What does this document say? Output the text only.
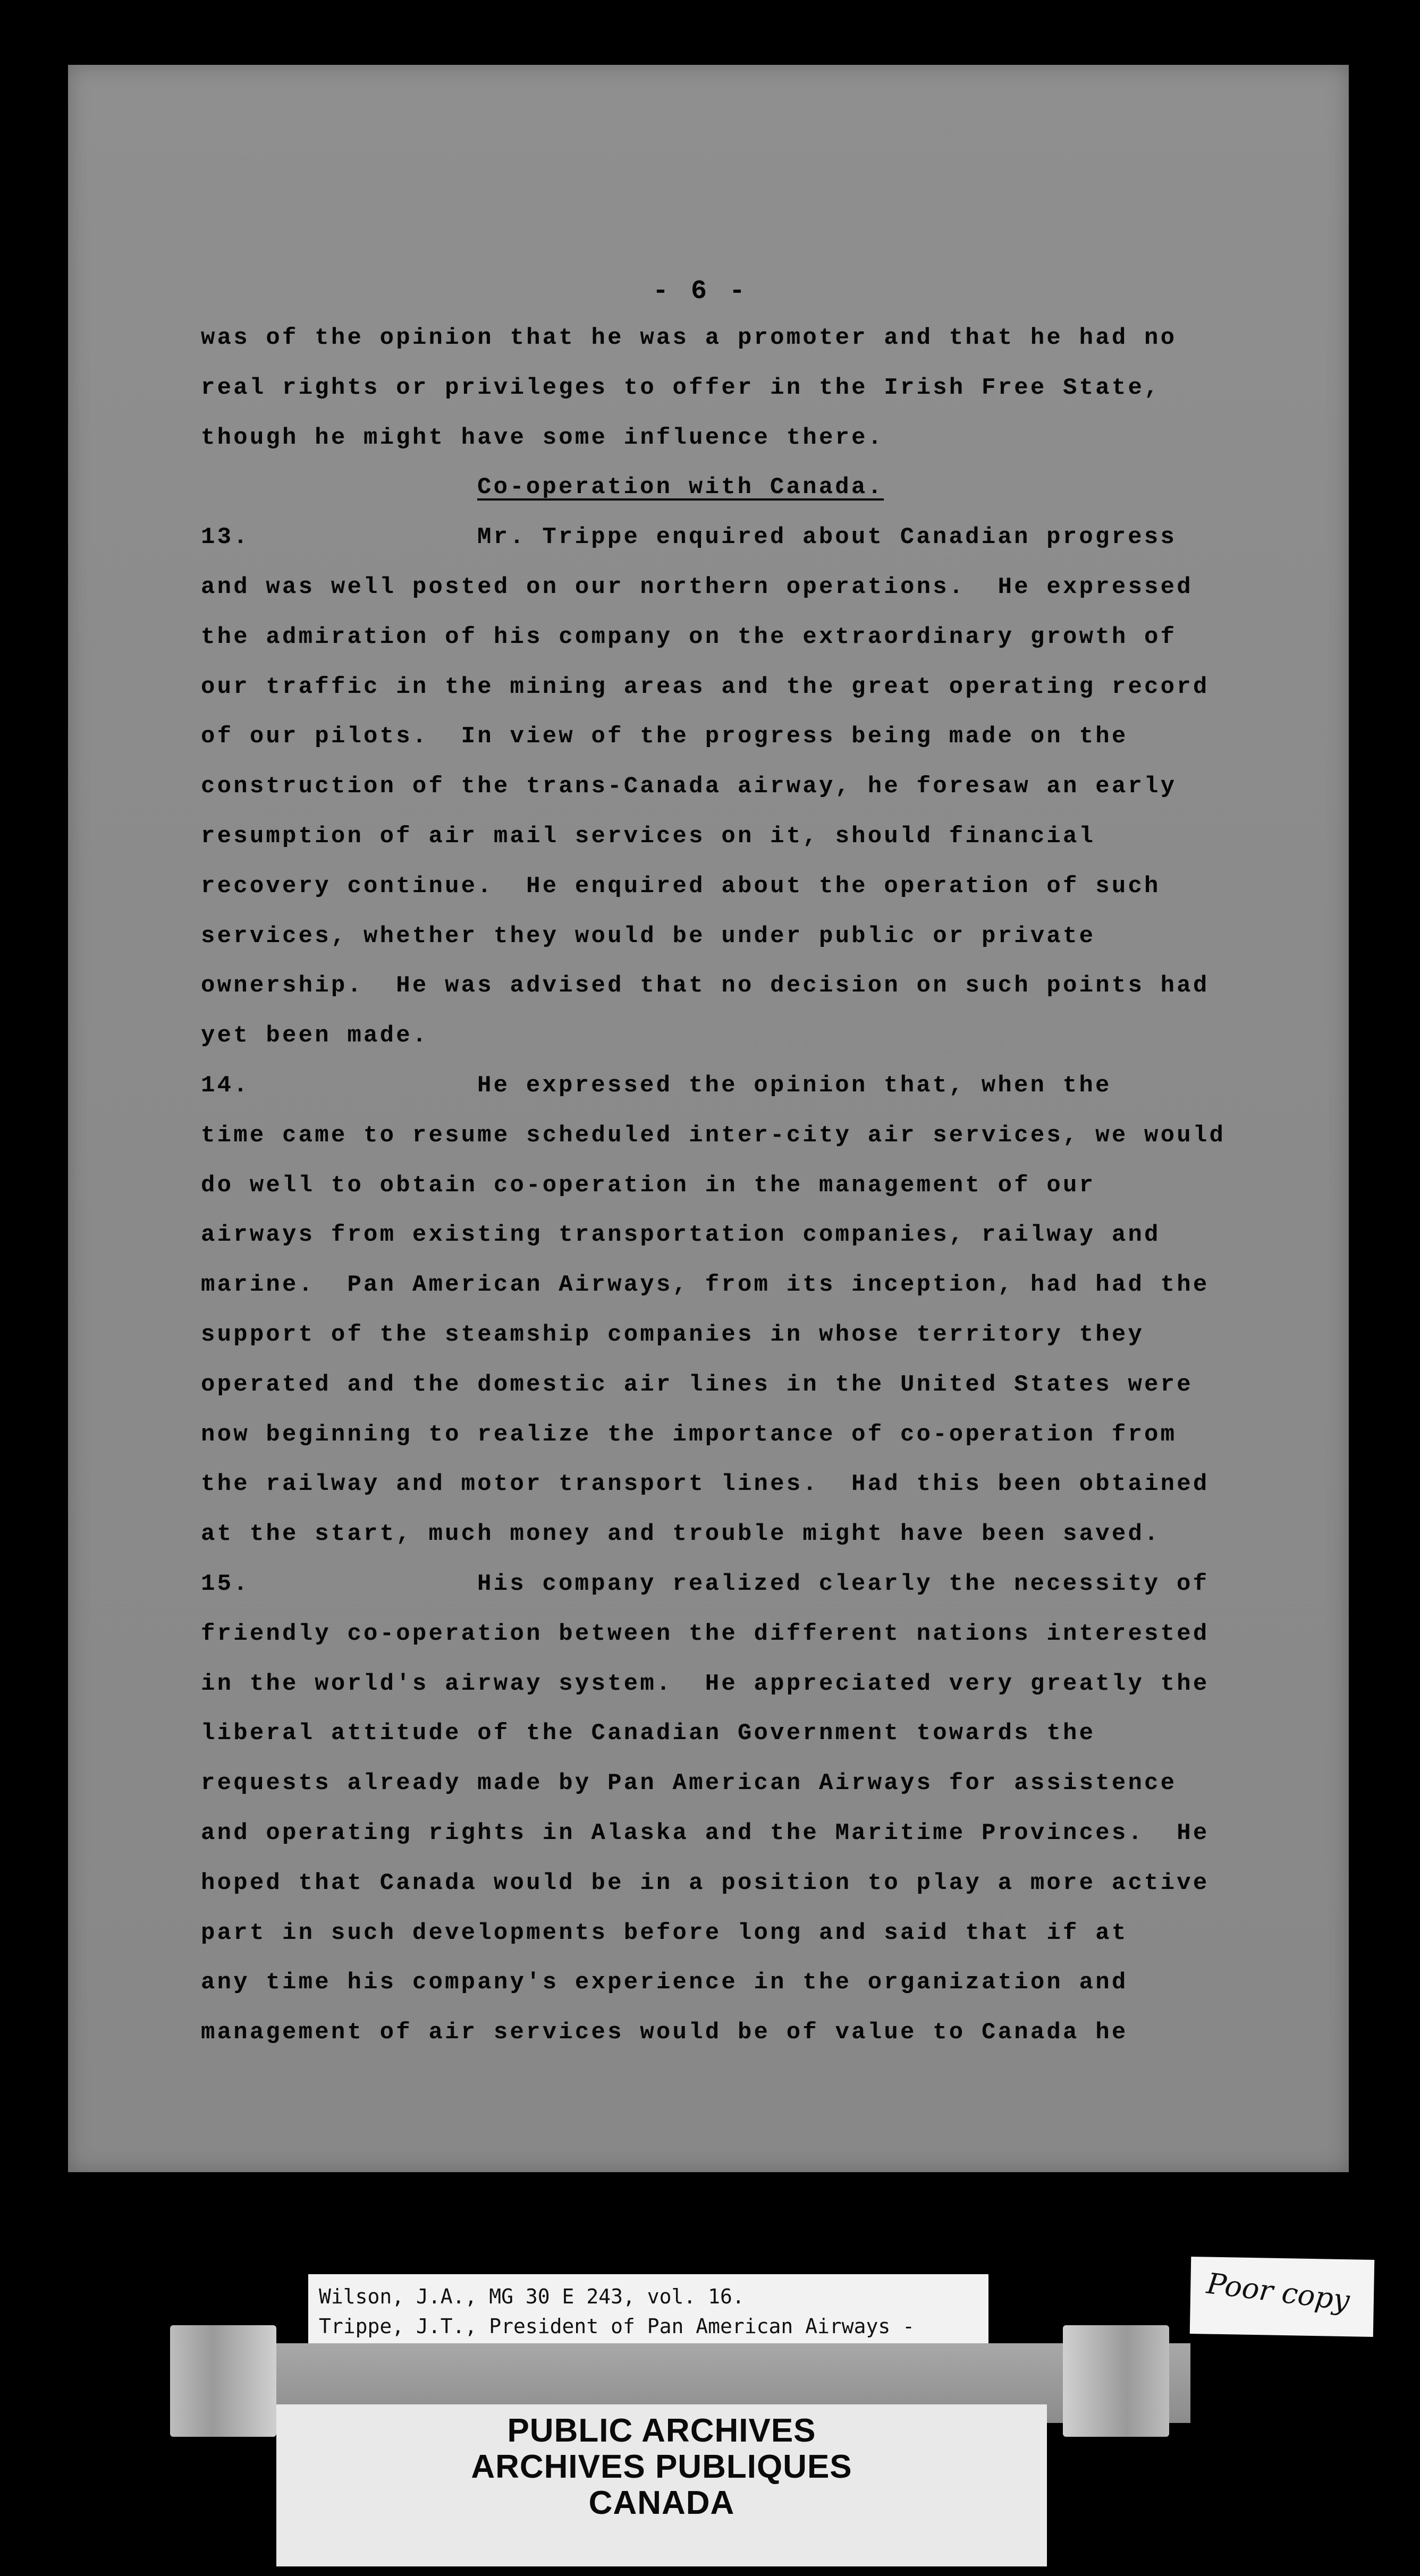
- 6 -
was of the opinion that he was a promoter and that he had no
real rights or privileges to offer in the Irish Free State,
though he might have some influence there.
Co-operation with Canada.
13.	Mr. Trippe enquired about Canadian progress
and was well posted on our northern operations.  He expressed
the admiration of his company on the extraordinary growth of
our traffic in the mining areas and the great operating record
of our pilots.  In view of the progress being made on the
construction of the trans-Canada airway, he foresaw an early
resumption of air mail services on it, should financial
recovery continue.  He enquired about the operation of such
services, whether they would be under public or private
ownership.  He was advised that no decision on such points had
yet been made.
14.	He expressed the opinion that, when the
time came to resume scheduled inter-city air services, we would
do well to obtain co-operation in the management of our
airways from existing transportation companies, railway and
marine.  Pan American Airways, from its inception, had had the
support of the steamship companies in whose territory they
operated and the domestic air lines in the United States were
now beginning to realize the importance of co-operation from
the railway and motor transport lines.  Had this been obtained
at the start, much money and trouble might have been saved.
15.	His company realized clearly the necessity of
friendly co-operation between the different nations interested
in the world's airway system.  He appreciated very greatly the
liberal attitude of the Canadian Government towards the
requests already made by Pan American Airways for assistence
and operating rights in Alaska and the Maritime Provinces.  He
hoped that Canada would be in a position to play a more active
part in such developments before long and said that if at
any time his company's experience in the organization and
management of air services would be of value to Canada he
Wilson, J.A., MG 30 E 243, vol. 16.
Trippe, J.T., President of Pan American Airways -
Poor copy
PUBLIC ARCHIVES
ARCHIVES PUBLIQUES
CANADA
